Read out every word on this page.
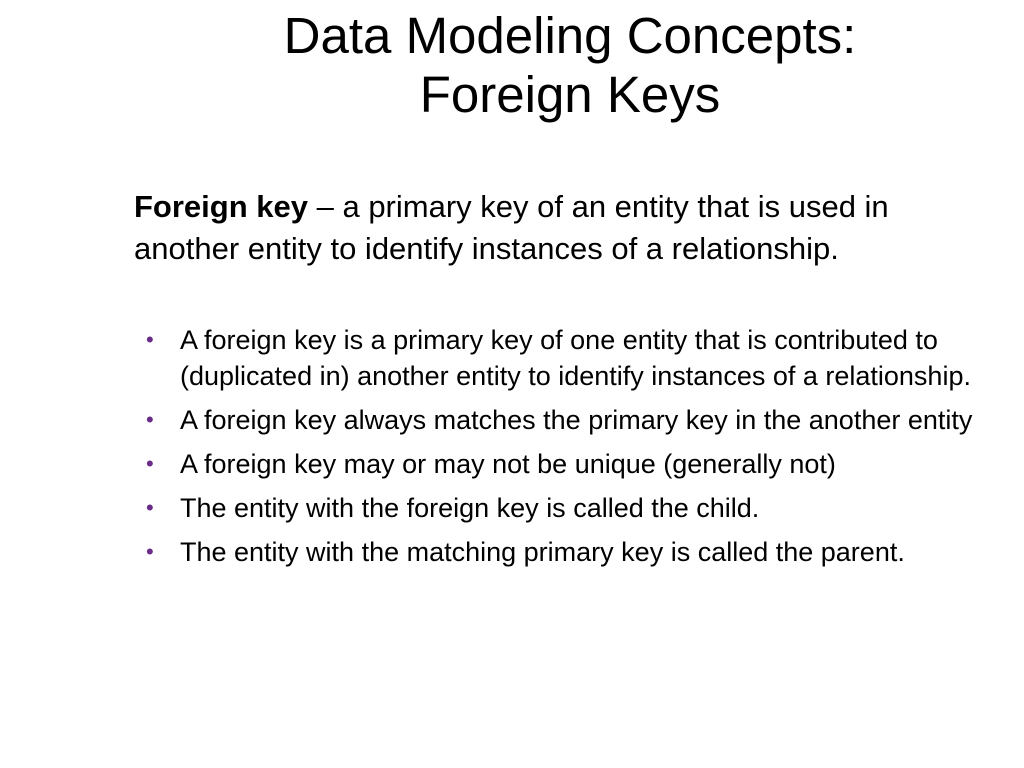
Data Modeling Concepts:
Foreign Keys

Foreign key – a primary key of an entity that is used in another entity to identify instances of a relationship.

• A foreign key is a primary key of one entity that is contributed to (duplicated in) another entity to identify instances of a relationship.
• A foreign key always matches the primary key in the another entity
• A foreign key may or may not be unique (generally not)
• The entity with the foreign key is called the child.
• The entity with the matching primary key is called the parent.
